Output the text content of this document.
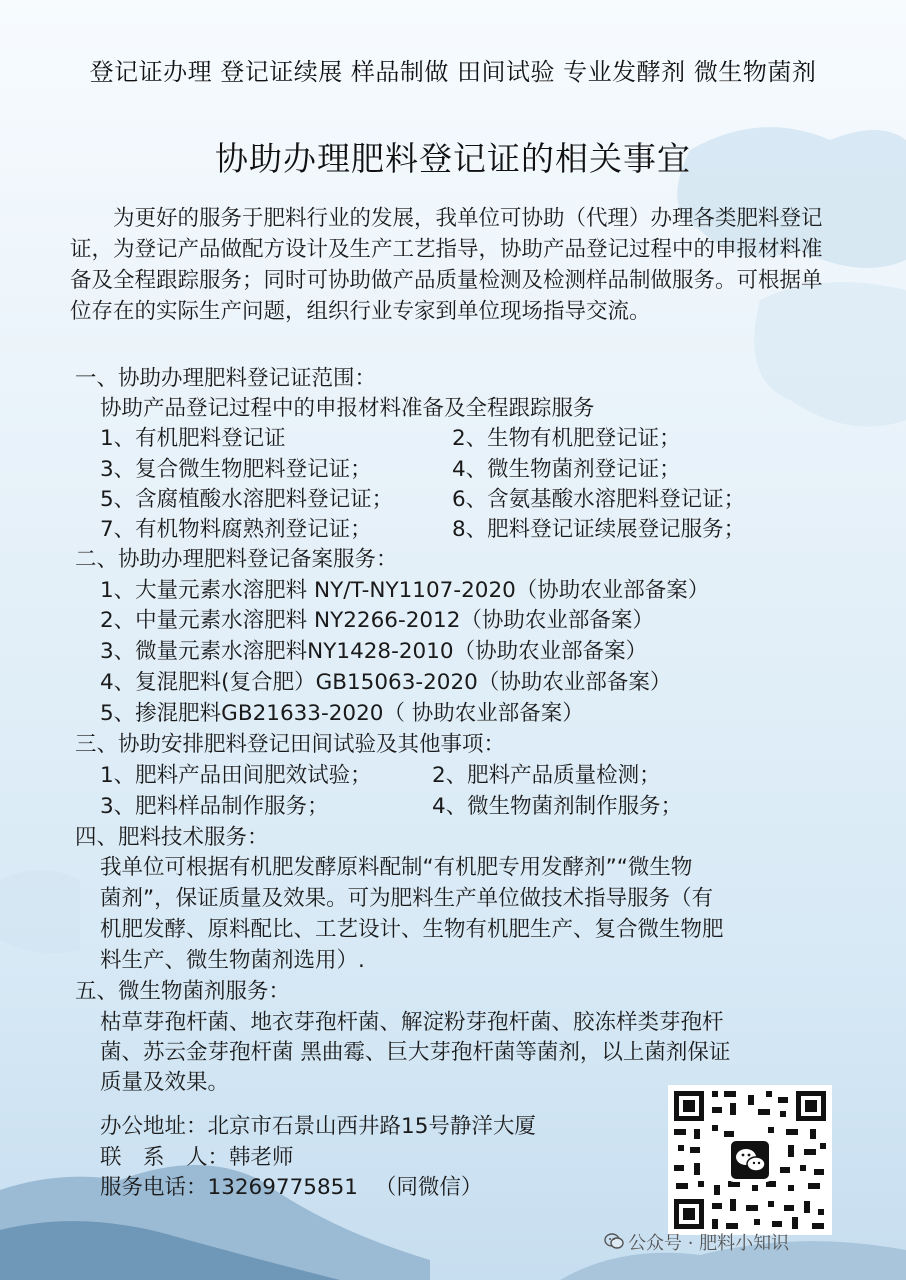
登记证办理 登记证续展 样品制做 田间试验 专业发酵剂 微生物菌剂
协助办理肥料登记证的相关事宜
为更好的服务于肥料行业的发展，我单位可协助（代理）办理各类肥料登记证，为登记产品做配方设计及生产工艺指导，协助产品登记过程中的申报材料准备及全程跟踪服务；同时可协助做产品质量检测及检测样品制做服务。可根据单位存在的实际生产问题，组织行业专家到单位现场指导交流。
一、协助办理肥料登记证范围：
协助产品登记过程中的申报材料准备及全程跟踪服务
1、有机肥料登记证	2、生物有机肥登记证；
3、复合微生物肥料登记证；	4、微生物菌剂登记证；
5、含腐植酸水溶肥料登记证；	6、含氨基酸水溶肥料登记证；
7、有机物料腐熟剂登记证；	8、肥料登记证续展登记服务；
二、协助办理肥料登记备案服务：
1、大量元素水溶肥料 NY/T-NY1107-2020（协助农业部备案）
2、中量元素水溶肥料 NY2266-2012（协助农业部备案）
3、微量元素水溶肥料NY1428-2010（协助农业部备案）
4、复混肥料(复合肥）GB15063-2020（协助农业部备案）
5、掺混肥料GB21633-2020（ 协助农业部备案）
三、协助安排肥料登记田间试验及其他事项：
1、肥料产品田间肥效试验；	2、肥料产品质量检测；
3、肥料样品制作服务；	4、微生物菌剂制作服务；
四、肥料技术服务：
我单位可根据有机肥发酵原料配制“有机肥专用发酵剂”“微生物
菌剂”，保证质量及效果。可为肥料生产单位做技术指导服务（有
机肥发酵、原料配比、工艺设计、生物有机肥生产、复合微生物肥
料生产、微生物菌剂选用）.
五、微生物菌剂服务：
枯草芽孢杆菌、地衣芽孢杆菌、解淀粉芽孢杆菌、胶冻样类芽孢杆
菌、苏云金芽孢杆菌 黑曲霉、巨大芽孢杆菌等菌剂，以上菌剂保证
质量及效果。
办公地址：北京市石景山西井路15号静洋大厦
联　系　人：韩老师
服务电话：13269775851 （同微信）
公众号 · 肥料小知识
